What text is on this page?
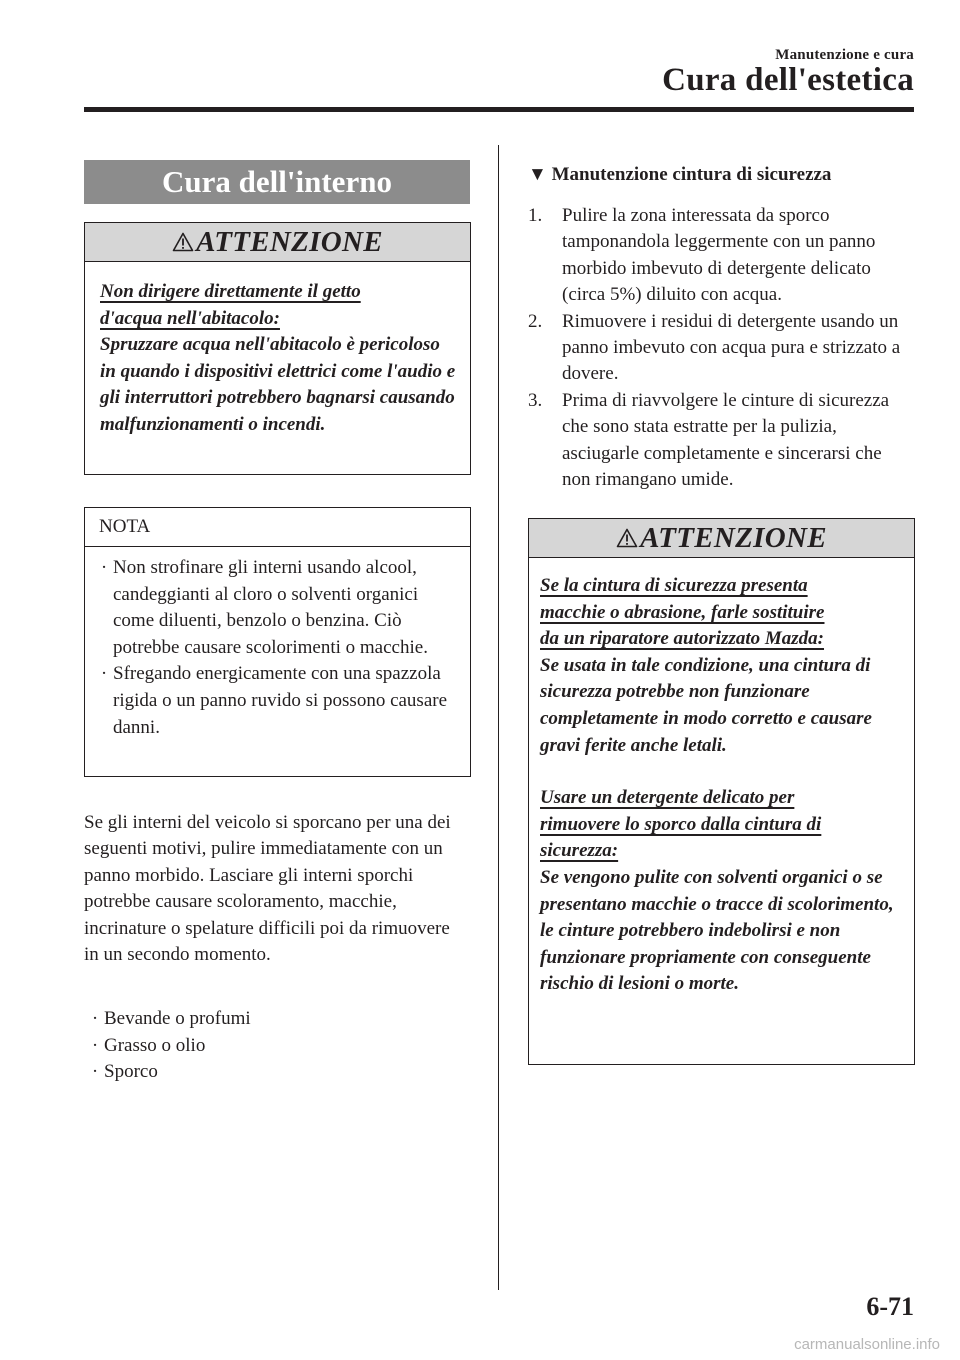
Manutenzione e cura
Cura dell'estetica
Cura dell'interno
ATTENZIONE

Non dirigere direttamente il getto

d'acqua nell'abitacolo:

Spruzzare acqua nell'abitacolo è pericoloso in quando i dispositivi elettrici come l'audio e gli interruttori potrebbero bagnarsi causando malfunzionamenti o incendi.

NOTA
· Non strofinare gli interni usando alcool, candeggianti al cloro o solventi organici come diluenti, benzolo o benzina. Ciò potrebbe causare scolorimenti o macchie.
· Sfregando energicamente con una spazzola rigida o un panno ruvido si possono causare danni.
Se gli interni del veicolo si sporcano per una dei seguenti motivi, pulire immediatamente con un panno morbido. Lasciare gli interni sporchi potrebbe causare scoloramento, macchie, incrinature o spelature difficili poi da rimuovere in un secondo momento.
· Bevande o profumi
· Grasso o olio
· Sporco
▼ Manutenzione cintura di sicurezza
1.	Pulire la zona interessata da sporco tamponandola leggermente con un panno morbido imbevuto di detergente delicato (circa 5%) diluito con acqua.
2.	Rimuovere i residui di detergente usando un panno imbevuto con acqua pura e strizzato a dovere.
3.	Prima di riavvolgere le cinture di sicurezza che sono stata estratte per la pulizia, asciugarle completamente e sincerarsi che non rimangano umide.
ATTENZIONE

Se la cintura di sicurezza presenta

macchie o abrasione, farle sostituire

da un riparatore autorizzato Mazda:

Se usata in tale condizione, una cintura di sicurezza potrebbe non funzionare completamente in modo corretto e causare gravi ferite anche letali.

Usare un detergente delicato per

rimuovere lo sporco dalla cintura di

sicurezza:

Se vengono pulite con solventi organici o se presentano macchie o tracce di scolorimento, le cinture potrebbero indebolirsi e non funzionare propriamente con conseguente rischio di lesioni o morte.

6-71
carmanualsonline.info
